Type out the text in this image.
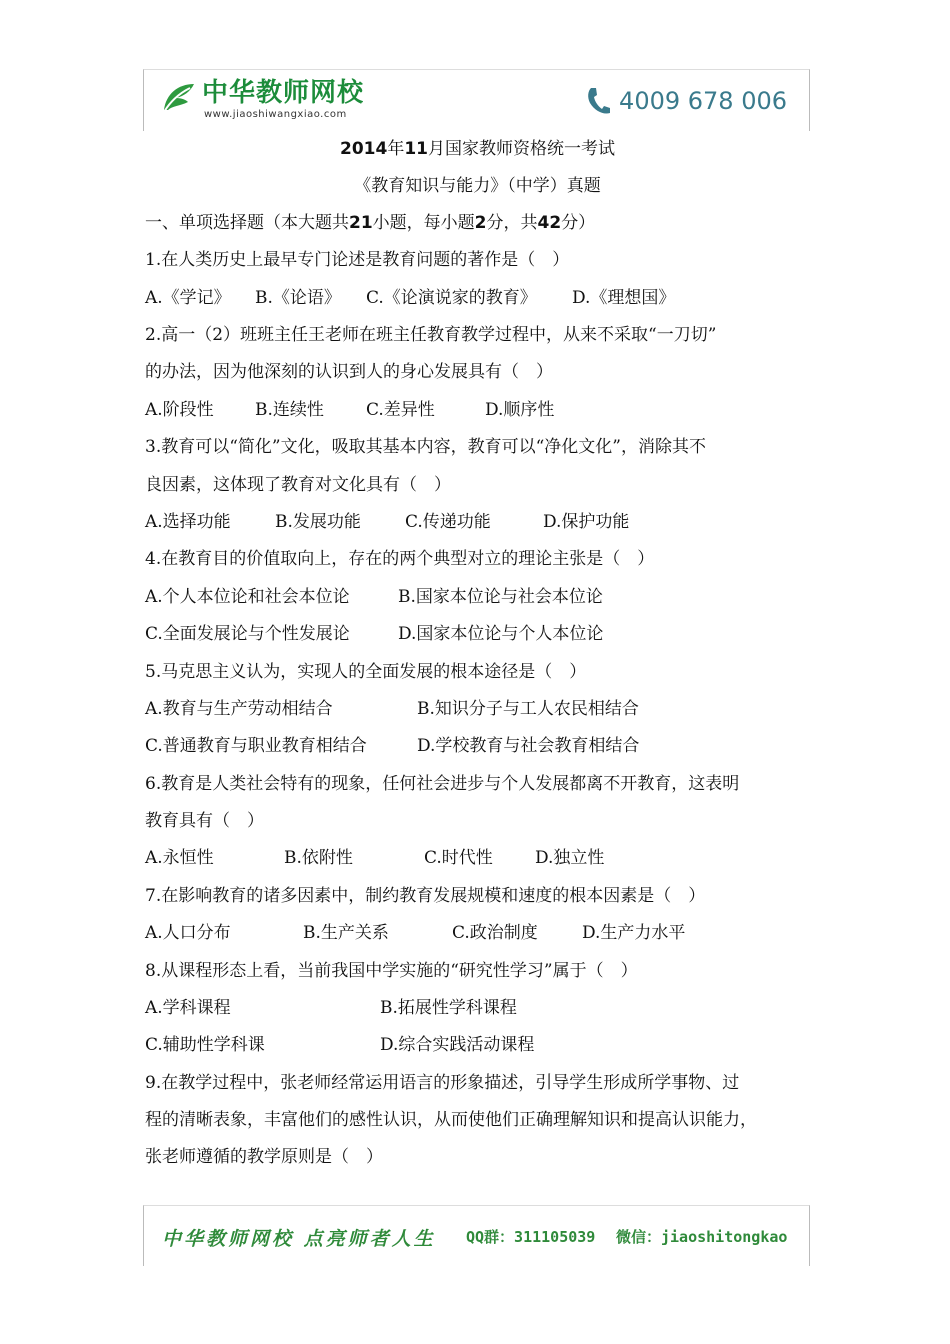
中华教师网校
www.jiaoshiwangxiao.com	4009 678 006
2014年11月国家教师资格统一考试
《教育知识与能力》（中学）真题
一、单项选择题（本大题共21小题，每小题2分，共42分）
1.在人类历史上最早专门论述是教育问题的著作是（　）
A.《学记》 B.《论语》 C.《论演说家的教育》 D.《理想国》
2.高一（2）班班主任王老师在班主任教育教学过程中，从来不采取“一刀切”
的办法，因为他深刻的认识到人的身心发展具有（　）
A.阶段性 B.连续性 C.差异性	D.顺序性
3.教育可以“简化”文化，吸取其基本内容，教育可以“净化文化”，消除其不
良因素，这体现了教育对文化具有（　）
A.选择功能	B.发展功能	C.传递功能	D.保护功能
4.在教育目的价值取向上，存在的两个典型对立的理论主张是（　）
A.个人本位论和社会本位论	B.国家本位论与社会本位论
C.全面发展论与个性发展论	D.国家本位论与个人本位论
5.马克思主义认为，实现人的全面发展的根本途径是（　）
A.教育与生产劳动相结合	B.知识分子与工人农民相结合
C.普通教育与职业教育相结合	D.学校教育与社会教育相结合
6.教育是人类社会特有的现象，任何社会进步与个人发展都离不开教育，这表明
教育具有（　）
A.永恒性	B.依附性	C.时代性 D.独立性
7.在影响教育的诸多因素中，制约教育发展规模和速度的根本因素是（　）
A.人口分布	B.生产关系	C.政治制度	D.生产力水平
8.从课程形态上看，当前我国中学实施的“研究性学习”属于（　）
A.学科课程	B.拓展性学科课程
C.辅助性学科课	D.综合实践活动课程
9.在教学过程中，张老师经常运用语言的形象描述，引导学生形成所学事物、过
程的清晰表象，丰富他们的感性认识，从而使他们正确理解知识和提高认识能力，
张老师遵循的教学原则是（　）
中华教师网校 点亮师者人生 QQ群：311105039 微信：jiaoshitongkao
